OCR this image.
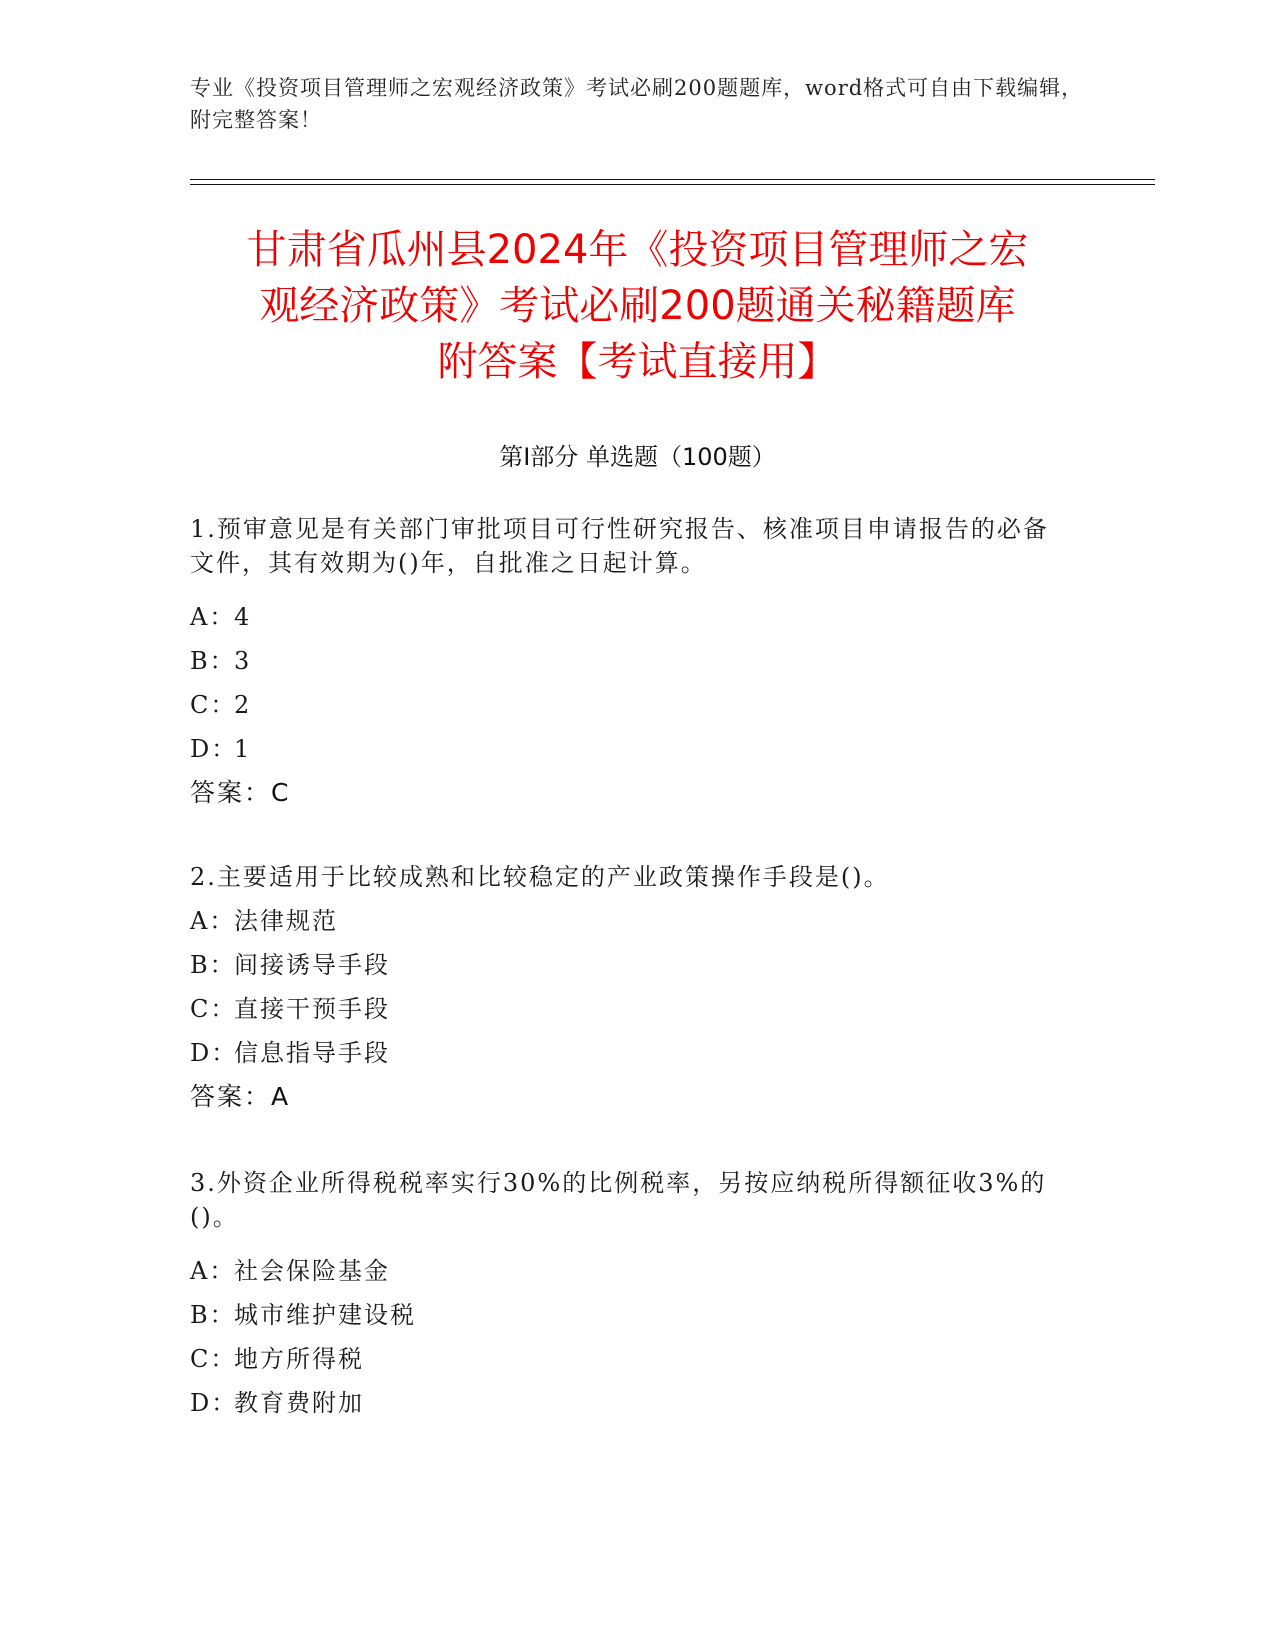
专业《投资项目管理师之宏观经济政策》考试必刷200题题库，word格式可自由下载编辑，附完整答案！
甘肃省瓜州县2024年《投资项目管理师之宏
观经济政策》考试必刷200题通关秘籍题库
附答案【考试直接用】
第Ⅰ部分 单选题（100题）

1.预审意见是有关部门审批项目可行性研究报告、核准项目申请报告的必备文件，其有效期为()年，自批准之日起计算。

A：4
B：3
C：2
D：1
答案：C

2.主要适用于比较成熟和比较稳定的产业政策操作手段是()。

A：法律规范
B：间接诱导手段
C：直接干预手段
D：信息指导手段
答案：A

3.外资企业所得税税率实行30%的比例税率，另按应纳税所得额征收3%的()。

A：社会保险基金
B：城市维护建设税
C：地方所得税
D：教育费附加
